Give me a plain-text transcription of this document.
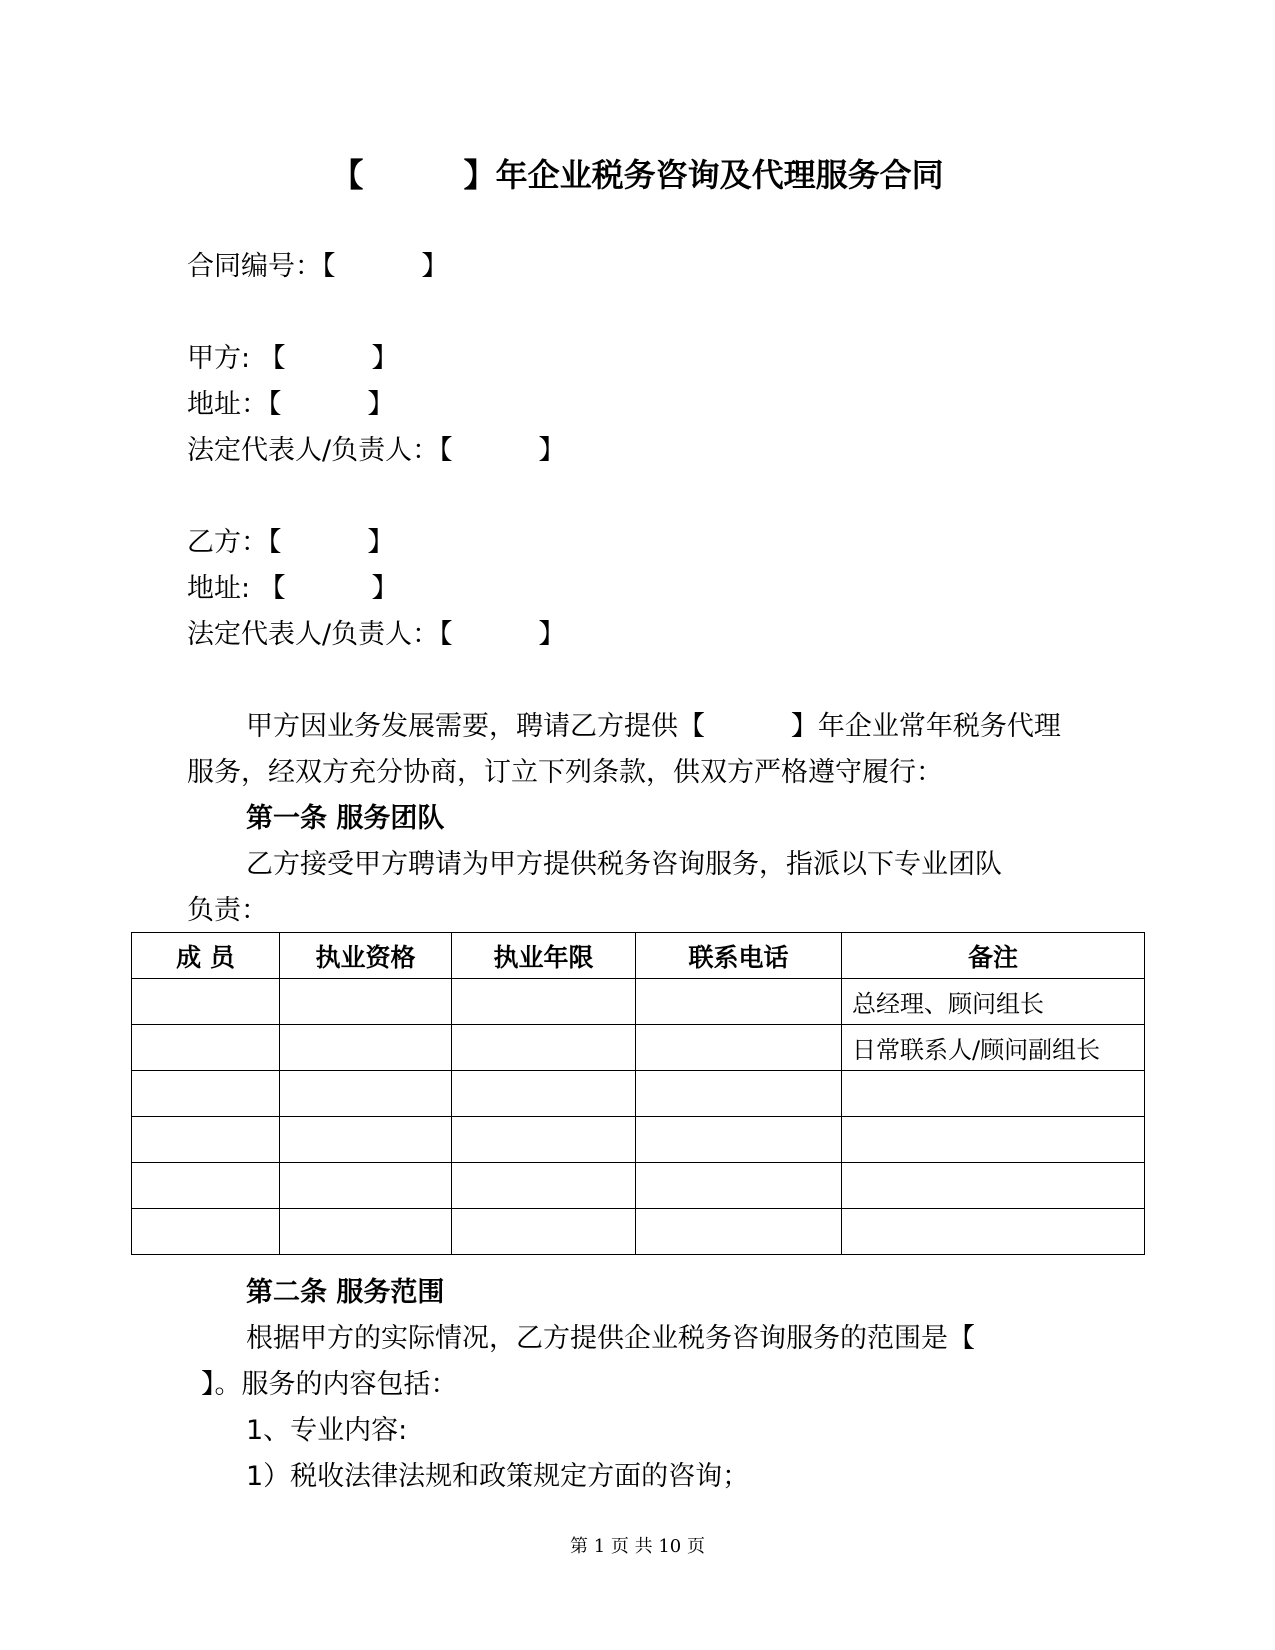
【         】年企业税务咨询及代理服务合同
合同编号：【          】
甲方: 【          】
地址：【          】
法定代表人/负责人：【          】
乙方：【          】
地址: 【          】
法定代表人/负责人：【          】
甲方因业务发展需要，聘请乙方提供【          】年企业常年税务代理
服务，经双方充分协商，订立下列条款，供双方严格遵守履行：
第一条 服务团队
乙方接受甲方聘请为甲方提供税务咨询服务，指派以下专业团队
负责：
成 员	执业资格	执业年限	联系电话	备注
				总经理、顾问组长
				日常联系人/顾问副组长

第二条 服务范围
根据甲方的实际情况，乙方提供企业税务咨询服务的范围是【
】。服务的内容包括：
1、专业内容:
1）税收法律法规和政策规定方面的咨询；
第 1 页 共 10 页
